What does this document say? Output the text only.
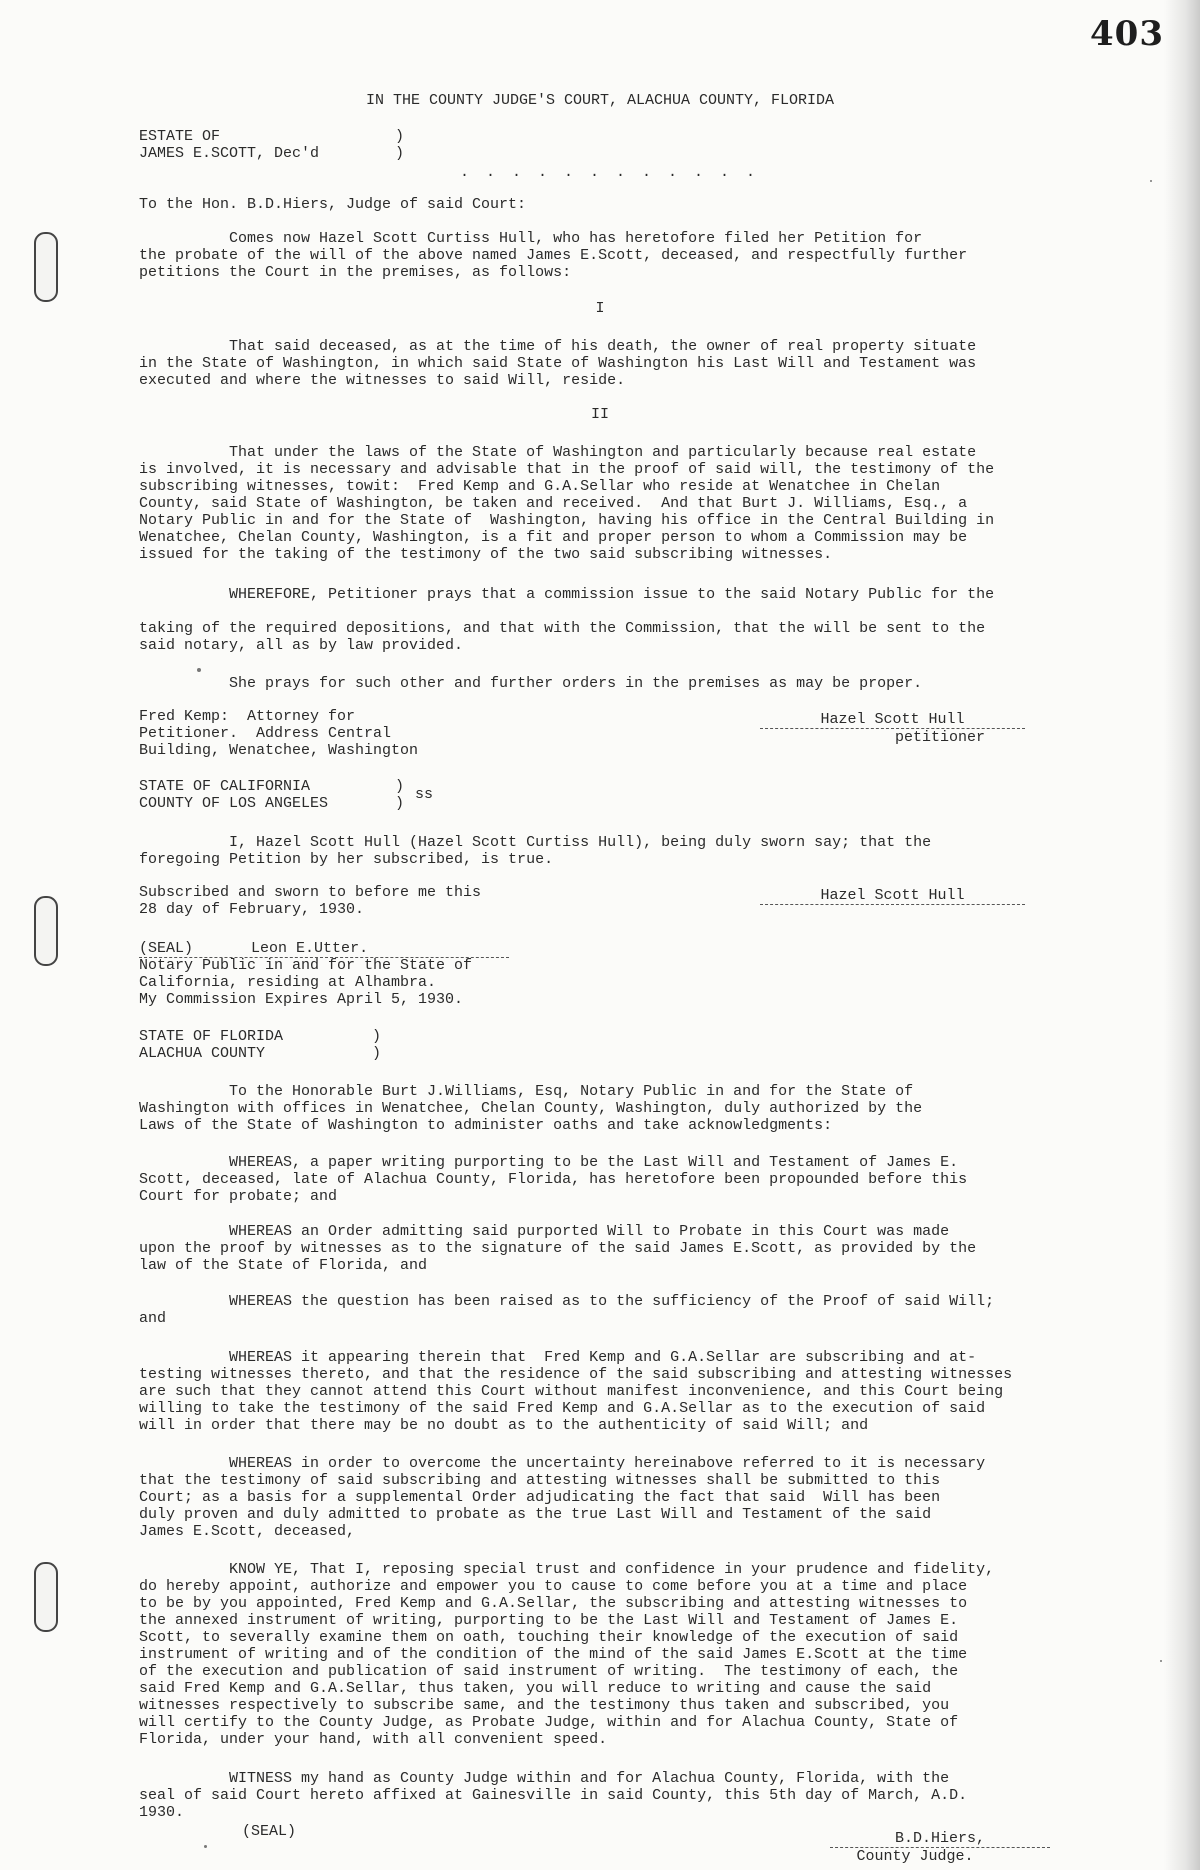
403
IN THE COUNTY JUDGE'S COURT, ALACHUA COUNTY, FLORIDA
ESTATE OF
JAMES E.SCOTT, Dec'd
)
)
. . . . . . . . . . . .
To the Hon. B.D.Hiers, Judge of said Court:
Comes now Hazel Scott Curtiss Hull, who has heretofore filed her Petition for
the probate of the will of the above named James E.Scott, deceased, and respectfully further
petitions the Court in the premises, as follows:
I
That said deceased, as at the time of his death, the owner of real property situate
in the State of Washington, in which said State of Washington his Last Will and Testament was
executed and where the witnesses to said Will, reside.
II
That under the laws of the State of Washington and particularly because real estate
is involved, it is necessary and advisable that in the proof of said will, the testimony of the
subscribing witnesses, towit:  Fred Kemp and G.A.Sellar who reside at Wenatchee in Chelan
County, said State of Washington, be taken and received.  And that Burt J. Williams, Esq., a
Notary Public in and for the State of  Washington, having his office in the Central Building in
Wenatchee, Chelan County, Washington, is a fit and proper person to whom a Commission may be
issued for the taking of the testimony of the two said subscribing witnesses.
WHEREFORE, Petitioner prays that a commission issue to the said Notary Public for the

taking of the required depositions, and that with the Commission, that the will be sent to the
said notary, all as by law provided.
She prays for such other and further orders in the premises as may be proper.
Fred Kemp:  Attorney for
Petitioner.  Address Central
Building, Wenatchee, Washington
Hazel Scott Hull
petitioner
STATE OF CALIFORNIA
COUNTY OF LOS ANGELES
)
)
ss
I, Hazel Scott Hull (Hazel Scott Curtiss Hull), being duly sworn say; that the
foregoing Petition by her subscribed, is true.
Subscribed and sworn to before me this
28 day of February, 1930.
Hazel Scott Hull
(SEAL)	Leon E.Utter.
Notary Public in and for the State of
California, residing at Alhambra.
My Commission Expires April 5, 1930.
STATE OF FLORIDA
ALACHUA COUNTY
)
)
To the Honorable Burt J.Williams, Esq, Notary Public in and for the State of
Washington with offices in Wenatchee, Chelan County, Washington, duly authorized by the
Laws of the State of Washington to administer oaths and take acknowledgments:
WHEREAS, a paper writing purporting to be the Last Will and Testament of James E.
Scott, deceased, late of Alachua County, Florida, has heretofore been propounded before this
Court for probate; and
WHEREAS an Order admitting said purported Will to Probate in this Court was made
upon the proof by witnesses as to the signature of the said James E.Scott, as provided by the
law of the State of Florida, and
WHEREAS the question has been raised as to the sufficiency of the Proof of said Will;
and
WHEREAS it appearing therein that  Fred Kemp and G.A.Sellar are subscribing and at-
testing witnesses thereto, and that the residence of the said subscribing and attesting witnesses
are such that they cannot attend this Court without manifest inconvenience, and this Court being
willing to take the testimony of the said Fred Kemp and G.A.Sellar as to the execution of said
will in order that there may be no doubt as to the authenticity of said Will; and
WHEREAS in order to overcome the uncertainty hereinabove referred to it is necessary
that the testimony of said subscribing and attesting witnesses shall be submitted to this
Court; as a basis for a supplemental Order adjudicating the fact that said  Will has been
duly proven and duly admitted to probate as the true Last Will and Testament of the said
James E.Scott, deceased,
KNOW YE, That I, reposing special trust and confidence in your prudence and fidelity,
do hereby appoint, authorize and empower you to cause to come before you at a time and place
to be by you appointed, Fred Kemp and G.A.Sellar, the subscribing and attesting witnesses to
the annexed instrument of writing, purporting to be the Last Will and Testament of James E.
Scott, to severally examine them on oath, touching their knowledge of the execution of said
instrument of writing and of the condition of the mind of the said James E.Scott at the time
of the execution and publication of said instrument of writing.  The testimony of each, the
said Fred Kemp and G.A.Sellar, thus taken, you will reduce to writing and cause the said
witnesses respectively to subscribe same, and the testimony thus taken and subscribed, you
will certify to the County Judge, as Probate Judge, within and for Alachua County, State of
Florida, under your hand, with all convenient speed.
WITNESS my hand as County Judge within and for Alachua County, Florida, with the
seal of said Court hereto affixed at Gainesville in said County, this 5th day of March, A.D.
1930.
(SEAL)	B.D.Hiers,
County Judge.
